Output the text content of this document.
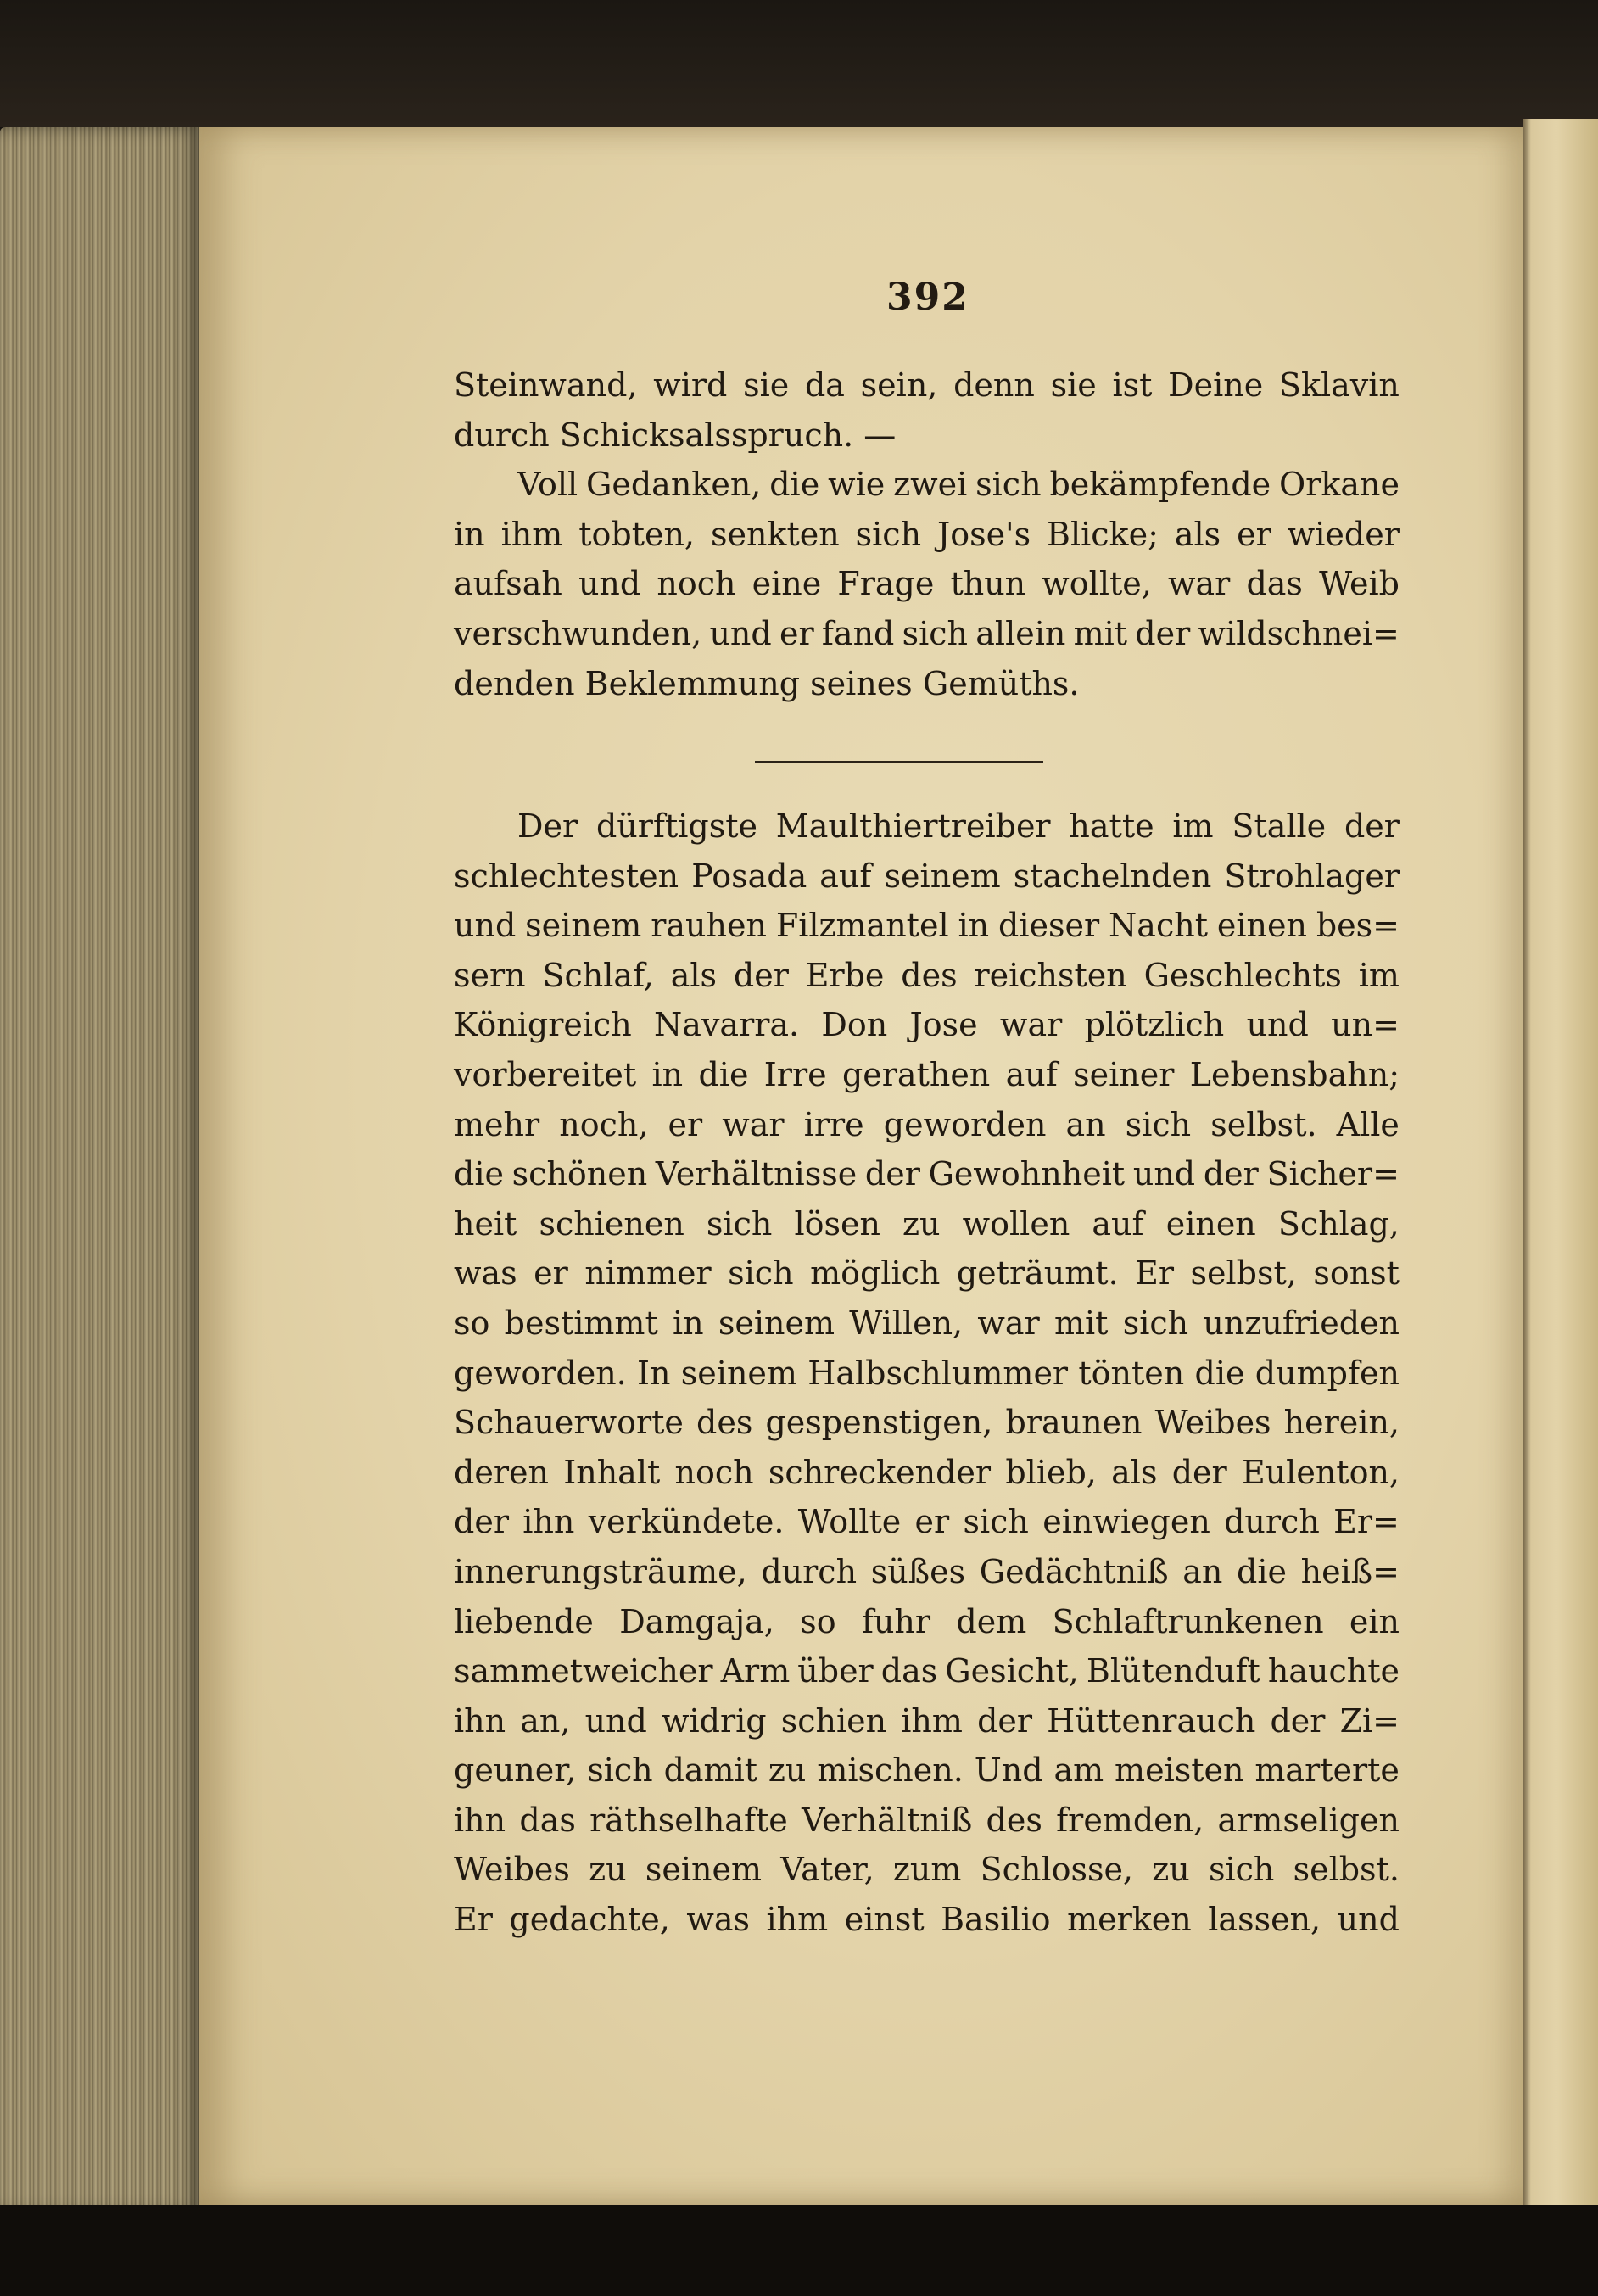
392
Steinwand, wird sie da sein, denn sie ist Deine Sklavin
durch Schicksalsspruch. —
Voll Gedanken, die wie zwei sich bekämpfende Orkane
in ihm tobten, senkten sich Jose's Blicke; als er wieder
aufsah und noch eine Frage thun wollte, war das Weib
verschwunden, und er fand sich allein mit der wildschnei=
denden Beklemmung seines Gemüths.
Der dürftigste Maulthiertreiber hatte im Stalle der
schlechtesten Posada auf seinem stachelnden Strohlager
und seinem rauhen Filzmantel in dieser Nacht einen bes=
sern Schlaf, als der Erbe des reichsten Geschlechts im
Königreich Navarra. Don Jose war plötzlich und un=
vorbereitet in die Irre gerathen auf seiner Lebensbahn;
mehr noch, er war irre geworden an sich selbst. Alle
die schönen Verhältnisse der Gewohnheit und der Sicher=
heit schienen sich lösen zu wollen auf einen Schlag,
was er nimmer sich möglich geträumt. Er selbst, sonst
so bestimmt in seinem Willen, war mit sich unzufrieden
geworden. In seinem Halbschlummer tönten die dumpfen
Schauerworte des gespenstigen, braunen Weibes herein,
deren Inhalt noch schreckender blieb, als der Eulenton,
der ihn verkündete. Wollte er sich einwiegen durch Er=
innerungsträume, durch süßes Gedächtniß an die heiß=
liebende Damgaja, so fuhr dem Schlaftrunkenen ein
sammetweicher Arm über das Gesicht, Blütenduft hauchte
ihn an, und widrig schien ihm der Hüttenrauch der Zi=
geuner, sich damit zu mischen. Und am meisten marterte
ihn das räthselhafte Verhältniß des fremden, armseligen
Weibes zu seinem Vater, zum Schlosse, zu sich selbst.
Er gedachte, was ihm einst Basilio merken lassen, und
